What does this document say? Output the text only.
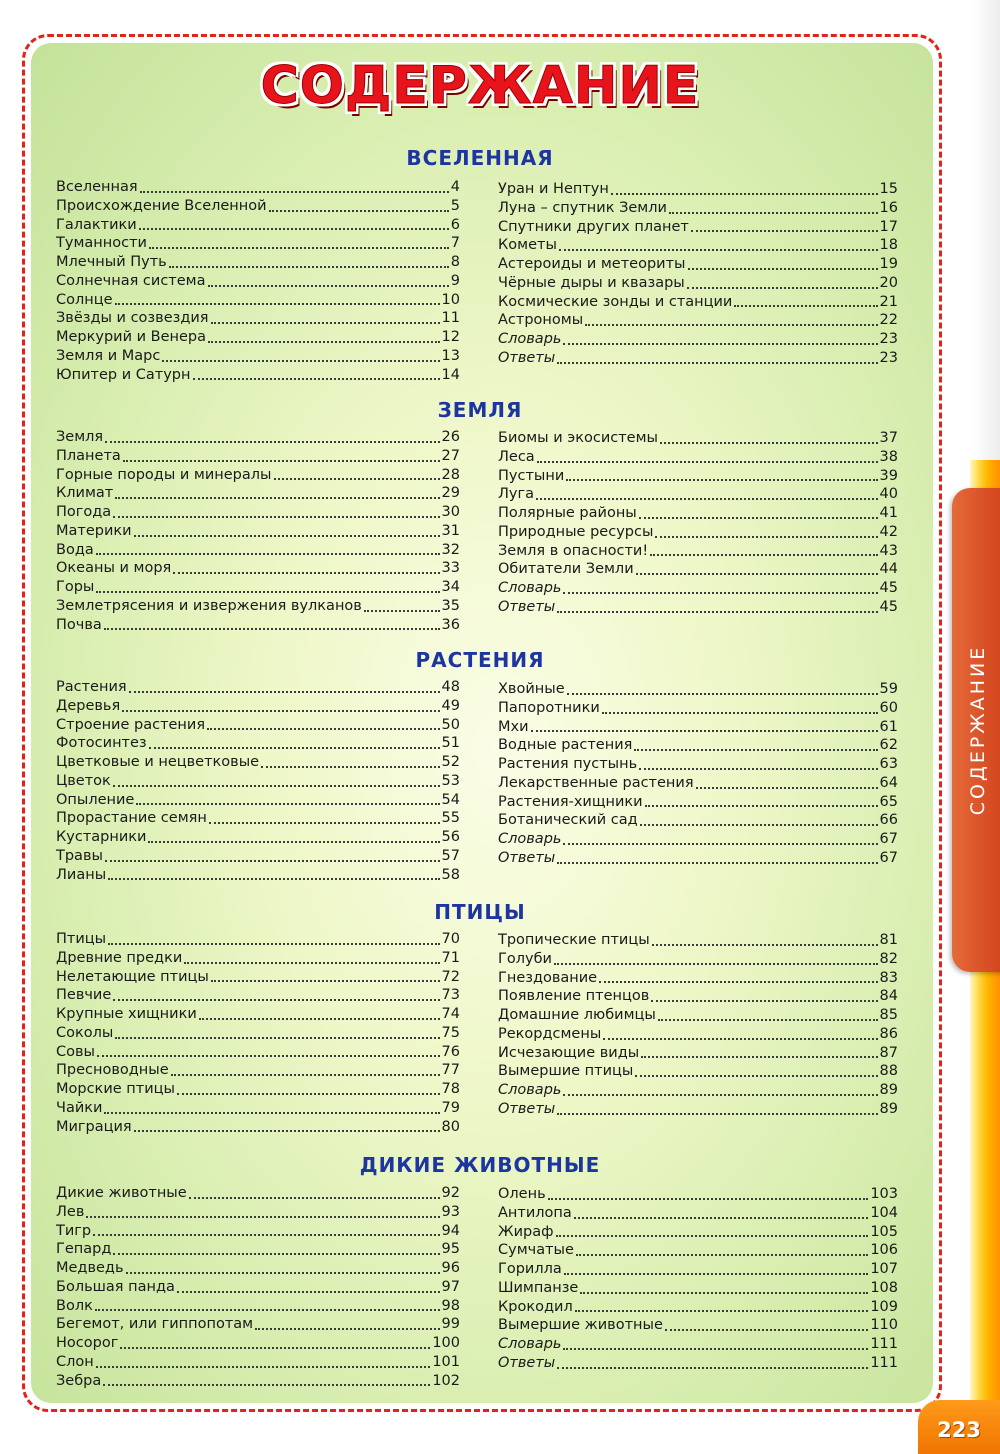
СОДЕРЖАНИЕ
ВСЕЛЕННАЯ
Вселенная	4
Происхождение Вселенной	5
Галактики	6
Туманности	7
Млечный Путь	8
Солнечная система	9
Солнце	10
Звёзды и созвездия	11
Меркурий и Венера	12
Земля и Марс	13
Юпитер и Сатурн	14
Уран и Нептун	15
Луна – спутник Земли	16
Спутники других планет	17
Кометы	18
Астероиды и метеориты	19
Чёрные дыры и квазары	20
Космические зонды и станции	21
Астрономы	22
Словарь	23
Ответы	23
ЗЕМЛЯ
Земля	26
Планета	27
Горные породы и минералы	28
Климат	29
Погода	30
Материки	31
Вода	32
Океаны и моря	33
Горы	34
Землетрясения и извержения вулканов	35
Почва	36
Биомы и экосистемы	37
Леса	38
Пустыни	39
Луга	40
Полярные районы	41
Природные ресурсы	42
Земля в опасности!	43
Обитатели Земли	44
Словарь	45
Ответы	45
РАСТЕНИЯ
Растения	48
Деревья	49
Строение растения	50
Фотосинтез	51
Цветковые и нецветковые	52
Цветок	53
Опыление	54
Прорастание семян	55
Кустарники	56
Травы	57
Лианы	58
Хвойные	59
Папоротники	60
Мхи	61
Водные растения	62
Растения пустынь	63
Лекарственные растения	64
Растения-хищники	65
Ботанический сад	66
Словарь	67
Ответы	67
ПТИЦЫ
Птицы	70
Древние предки	71
Нелетающие птицы	72
Певчие	73
Крупные хищники	74
Соколы	75
Совы	76
Пресноводные	77
Морские птицы	78
Чайки	79
Миграция	80
Тропические птицы	81
Голуби	82
Гнездование	83
Появление птенцов	84
Домашние любимцы	85
Рекордсмены	86
Исчезающие виды	87
Вымершие птицы	88
Словарь	89
Ответы	89
ДИКИЕ ЖИВОТНЫЕ
Дикие животные	92
Лев	93
Тигр	94
Гепард	95
Медведь	96
Большая панда	97
Волк	98
Бегемот, или гиппопотам	99
Носорог	100
Слон	101
Зебра	102
Олень	103
Антилопа	104
Жираф	105
Сумчатые	106
Горилла	107
Шимпанзе	108
Крокодил	109
Вымершие животные	110
Словарь	111
Ответы	111
СОДЕРЖАНИЕ
223
